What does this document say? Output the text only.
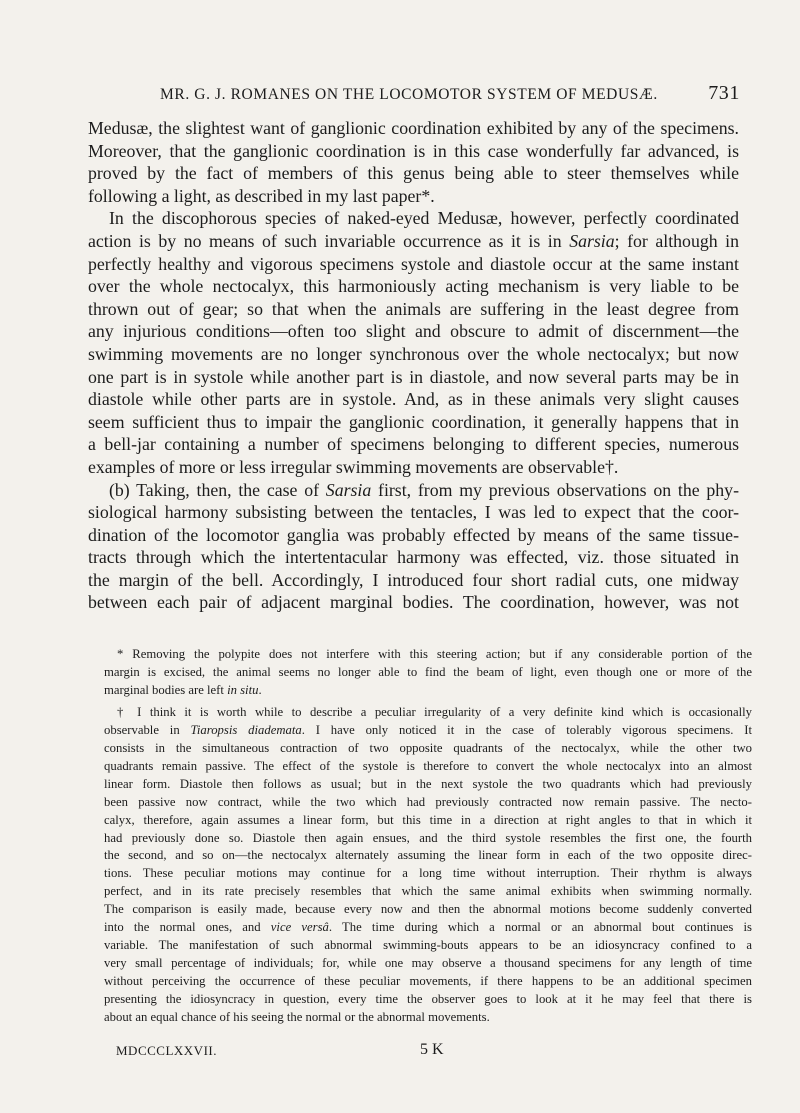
MR. G. J. ROMANES ON THE LOCOMOTOR SYSTEM OF MEDUSÆ.	731

Medusæ, the slightest want of ganglionic coordination exhibited by any of the specimens.
Moreover, that the ganglionic coordination is in this case wonderfully far advanced, is
proved by the fact of members of this genus being able to steer themselves while
following a light, as described in my last paper*.

In the discophorous species of naked-eyed Medusæ, however, perfectly coordinated
action is by no means of such invariable occurrence as it is in Sarsia; for although in
perfectly healthy and vigorous specimens systole and diastole occur at the same instant
over the whole nectocalyx, this harmoniously acting mechanism is very liable to be
thrown out of gear; so that when the animals are suffering in the least degree from
any injurious conditions—often too slight and obscure to admit of discernment—the
swimming movements are no longer synchronous over the whole nectocalyx; but now
one part is in systole while another part is in diastole, and now several parts may be in
diastole while other parts are in systole. And, as in these animals very slight causes
seem sufficient thus to impair the ganglionic coordination, it generally happens that in
a bell-jar containing a number of specimens belonging to different species, numerous
examples of more or less irregular swimming movements are observable†.

(b) Taking, then, the case of Sarsia first, from my previous observations on the phy-
siological harmony subsisting between the tentacles, I was led to expect that the coor-
dination of the locomotor ganglia was probably effected by means of the same tissue-
tracts through which the intertentacular harmony was effected, viz. those situated in
the margin of the bell. Accordingly, I introduced four short radial cuts, one midway
between each pair of adjacent marginal bodies. The coordination, however, was not

* Removing the polypite does not interfere with this steering action; but if any considerable portion of the
margin is excised, the animal seems no longer able to find the beam of light, even though one or more of the
marginal bodies are left in situ.
† I think it is worth while to describe a peculiar irregularity of a very definite kind which is occasionally
observable in Tiaropsis diademata. I have only noticed it in the case of tolerably vigorous specimens. It
consists in the simultaneous contraction of two opposite quadrants of the nectocalyx, while the other two
quadrants remain passive. The effect of the systole is therefore to convert the whole nectocalyx into an almost
linear form. Diastole then follows as usual; but in the next systole the two quadrants which had previously
been passive now contract, while the two which had previously contracted now remain passive. The necto-
calyx, therefore, again assumes a linear form, but this time in a direction at right angles to that in which it
had previously done so. Diastole then again ensues, and the third systole resembles the first one, the fourth
the second, and so on—the nectocalyx alternately assuming the linear form in each of the two opposite direc-
tions. These peculiar motions may continue for a long time without interruption. Their rhythm is always
perfect, and in its rate precisely resembles that which the same animal exhibits when swimming normally.
The comparison is easily made, because every now and then the abnormal motions become suddenly converted
into the normal ones, and vice versâ. The time during which a normal or an abnormal bout continues is
variable. The manifestation of such abnormal swimming-bouts appears to be an idiosyncracy confined to a
very small percentage of individuals; for, while one may observe a thousand specimens for any length of time
without perceiving the occurrence of these peculiar movements, if there happens to be an additional specimen
presenting the idiosyncracy in question, every time the observer goes to look at it he may feel that there is
about an equal chance of his seeing the normal or the abnormal movements.
MDCCCLXXVII.	5 K
